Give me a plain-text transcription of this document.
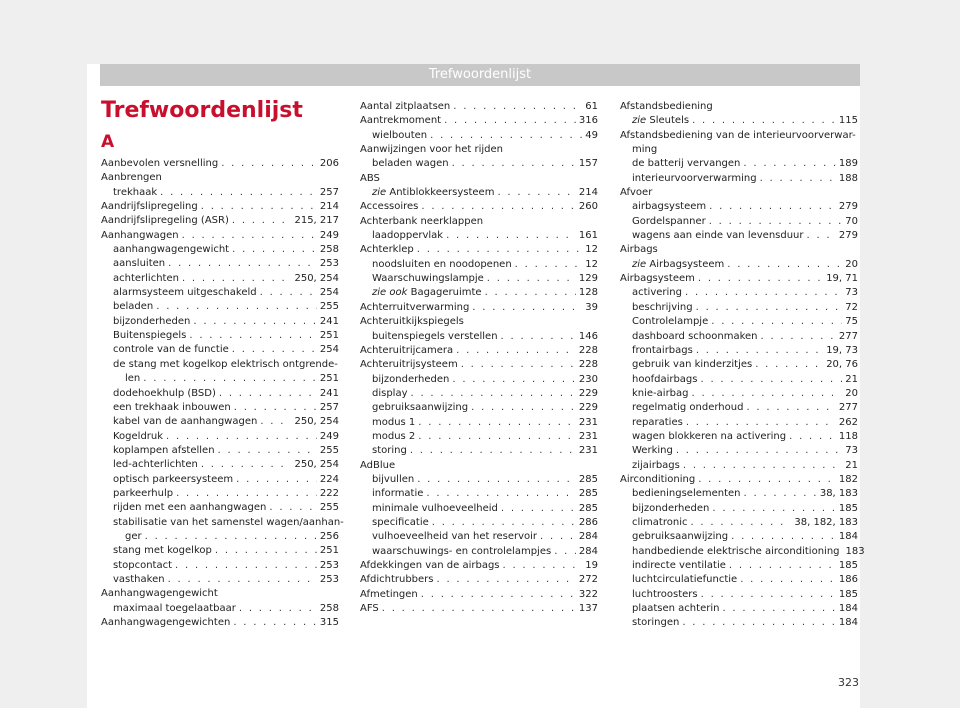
Trefwoordenlijst
Trefwoordenlijst
A
Aanbevolen versnelling . . .	206
Aanbrengen
trekhaak . . .	257
Aandrijfslipregeling . . .	214
Aandrijfslipregeling (ASR) . . .	215, 217
Aanhangwagen . . .	249
aanhangwagengewicht . . .	258
aansluiten . . .	253
achterlichten . . .	250, 254
alarmsysteem uitgeschakeld . . .	254
beladen . . .	255
bijzonderheden . . .	241
Buitenspiegels . . .	251
controle van de functie . . .	254
de stang met kogelkop elektrisch ontgrende-
len . . .	251
dodehoekhulp (BSD) . . .	241
een trekhaak inbouwen . . .	257
kabel van de aanhangwagen . . .	250, 254
Kogeldruk . . .	249
koplampen afstellen . . .	255
led-achterlichten . . .	250, 254
optisch parkeersysteem . . .	224
parkeerhulp . . .	222
rijden met een aanhangwagen . . .	255
stabilisatie van het samenstel wagen/aanhan-
ger . . .	256
stang met kogelkop . . .	251
stopcontact . . .	253
vasthaken . . .	253
Aanhangwagengewicht
maximaal toegelaatbaar . . .	258
Aanhangwagengewichten . . .	315
Aantal zitplaatsen . . .	61
Aantrekmoment . . .	316
wielbouten . . .	49
Aanwijzingen voor het rijden
beladen wagen . . .	157
ABS
zie Antiblokkeersysteem . . .	214
Accessoires . . .	260
Achterbank neerklappen
laadoppervlak . . .	161
Achterklep . . .	12
noodsluiten en noodopenen . . .	12
Waarschuwingslampje . . .	129
zie ook Bagageruimte . . .	128
Achterruitverwarming . . .	39
Achteruitkijkspiegels
buitenspiegels verstellen . . .	146
Achteruitrijcamera . . .	228
Achteruitrijsysteem . . .	228
bijzonderheden . . .	230
display . . .	229
gebruiksaanwijzing . . .	229
modus 1 . . .	231
modus 2 . . .	231
storing . . .	231
AdBlue
bijvullen . . .	285
informatie . . .	285
minimale vulhoeveelheid . . .	285
specificatie . . .	286
vulhoeveelheid van het reservoir . . .	284
waarschuwings- en controlelampjes . . .	284
Afdekkingen van de airbags . . .	19
Afdichtrubbers . . .	272
Afmetingen . . .	322
AFS . . .	137
Afstandsbediening
zie Sleutels . . .	115
Afstandsbediening van de interieurvoorverwar-
ming
de batterij vervangen . . .	189
interieurvoorverwarming . . .	188
Afvoer
airbagsysteem . . .	279
Gordelspanner . . .	70
wagens aan einde van levensduur . . .	279
Airbags
zie Airbagsysteem . . .	20
Airbagsysteem . . .	19, 71
activering . . .	73
beschrijving . . .	72
Controlelampje . . .	75
dashboard schoonmaken . . .	277
frontairbags . . .	19, 73
gebruik van kinderzitjes . . .	20, 76
hoofdairbags . . .	21
knie-airbag . . .	20
regelmatig onderhoud . . .	277
reparaties . . .	262
wagen blokkeren na activering . . .	118
Werking . . .	73
zijairbags . . .	21
Airconditioning . . .	182
bedieningselementen . . .	38, 183
bijzonderheden . . .	185
climatronic . . .	38, 182, 183
gebruiksaanwijzing . . .	184
handbediende elektrische airconditioning 183
indirecte ventilatie . . .	185
luchtcirculatiefunctie . . .	186
luchtroosters . . .	185
plaatsen achterin . . .	184
storingen . . .	184
323
